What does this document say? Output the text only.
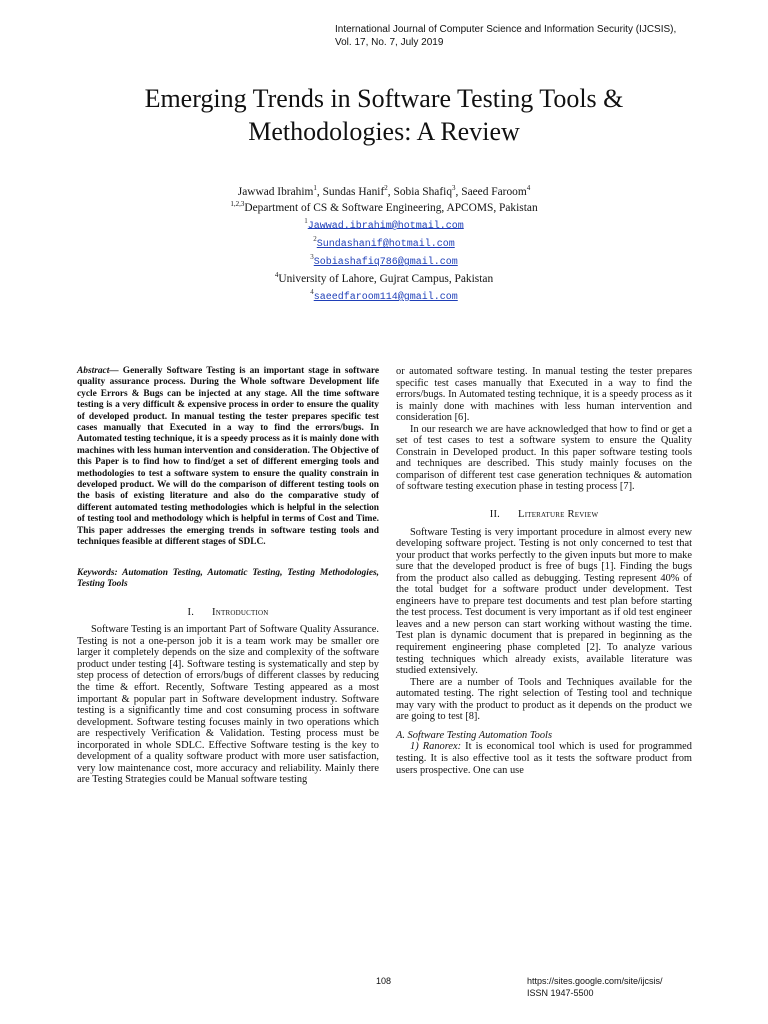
International Journal of Computer Science and Information Security (IJCSIS),
Vol. 17, No. 7, July 2019
Emerging Trends in Software Testing Tools &
Methodologies: A Review
Jawwad Ibrahim$^1$, Sundas Hanif$^2$, Sobia Shafiq$^3$, Saeed Faroom$^4$
$^{1,2,3}$Department of CS & Software Engineering, APCOMS, Pakistan
$^1$Jawwad.ibrahim@hotmail.com
$^2$Sundashanif@hotmail.com
$^3$Sobiashafiq786@gmail.com
$^4$University of Lahore, Gujrat Campus, Pakistan
$^4$saeedfaroom114@gmail.com
Abstract— Generally Software Testing is an important stage in software quality assurance process. During the Whole software Development life cycle Errors & Bugs can be injected at any stage. All the time software testing is a very difficult & expensive process in order to ensure the quality of developed product. In manual testing the tester prepares specific test cases manually that Executed in a way to find the errors/bugs. In Automated testing technique, it is a speedy process as it is mainly done with machines with less human intervention and consideration. The Objective of this Paper is to find how to find/get a set of different emerging tools and methodologies to test a software system to ensure the quality constrain in developed product. We will do the comparison of different testing tools on the basis of existing literature and also do the comparative study of different automated testing methodologies which is helpful in the selection of testing tool and methodology which is helpful in terms of Cost and Time. This paper addresses the emerging trends in software testing tools and techniques feasible at different stages of SDLC.
Keywords: Automation Testing, Automatic Testing, Testing Methodologies, Testing Tools
I. Introduction

Software Testing is an important Part of Software Quality Assurance. Testing is not a one-person job it is a team work may be smaller ore larger it completely depends on the size and complexity of the software product under testing [4]. Software testing is systematically and step by step process of detection of errors/bugs of different classes by reducing the time & effort. Recently, Software Testing appeared as a most important & popular part in Software development industry. Software testing is a significantly time and cost consuming process in software development. Software testing focuses mainly in two operations which are respectively Verification & Validation. Testing process must be incorporated in whole SDLC. Effective Software testing is the key to development of a quality software product with more user satisfaction, very low maintenance cost, more accuracy and reliability. Mainly there are Testing Strategies could be Manual software testing

or automated software testing. In manual testing the tester prepares specific test cases manually that Executed in a way to find the errors/bugs. In Automated testing technique, it is a speedy process as it is mainly done with machines with less human intervention and consideration [6].

In our research we are have acknowledged that how to find or get a set of test cases to test a software system to ensure the Quality Constrain in Developed product. In this paper software testing tools and techniques are described. This study mainly focuses on the comparison of different test case generation techniques & automation of software testing execution phase in testing process [7].

II. Literature Review

Software Testing is very important procedure in almost every new developing software project. Testing is not only concerned to test that your product that works perfectly to the given inputs but more to make sure that the developed product is free of bugs [1]. Finding the bugs from the product also called as debugging. Testing represent 40% of the total budget for a software product under development. Test engineers have to prepare test documents and test plan before starting the test process. Test document is very important as if old test engineer leaves and a new person can start working without wasting the time. Test plan is dynamic document that is prepared in beginning as the requirement engineering phase completed [2]. To analyze various testing techniques which already exists, available literature was studied extensively.

There are a number of Tools and Techniques available for the automated testing. The right selection of Testing tool and technique may vary with the product to product as it depends on the product we are going to test [8].

A. Software Testing Automation Tools
1) Ranorex: It is economical tool which is used for programmed testing. It is also effective tool as it tests the software product from users prospective. One can use
108	https://sites.google.com/site/ijcsis/
ISSN 1947-5500
